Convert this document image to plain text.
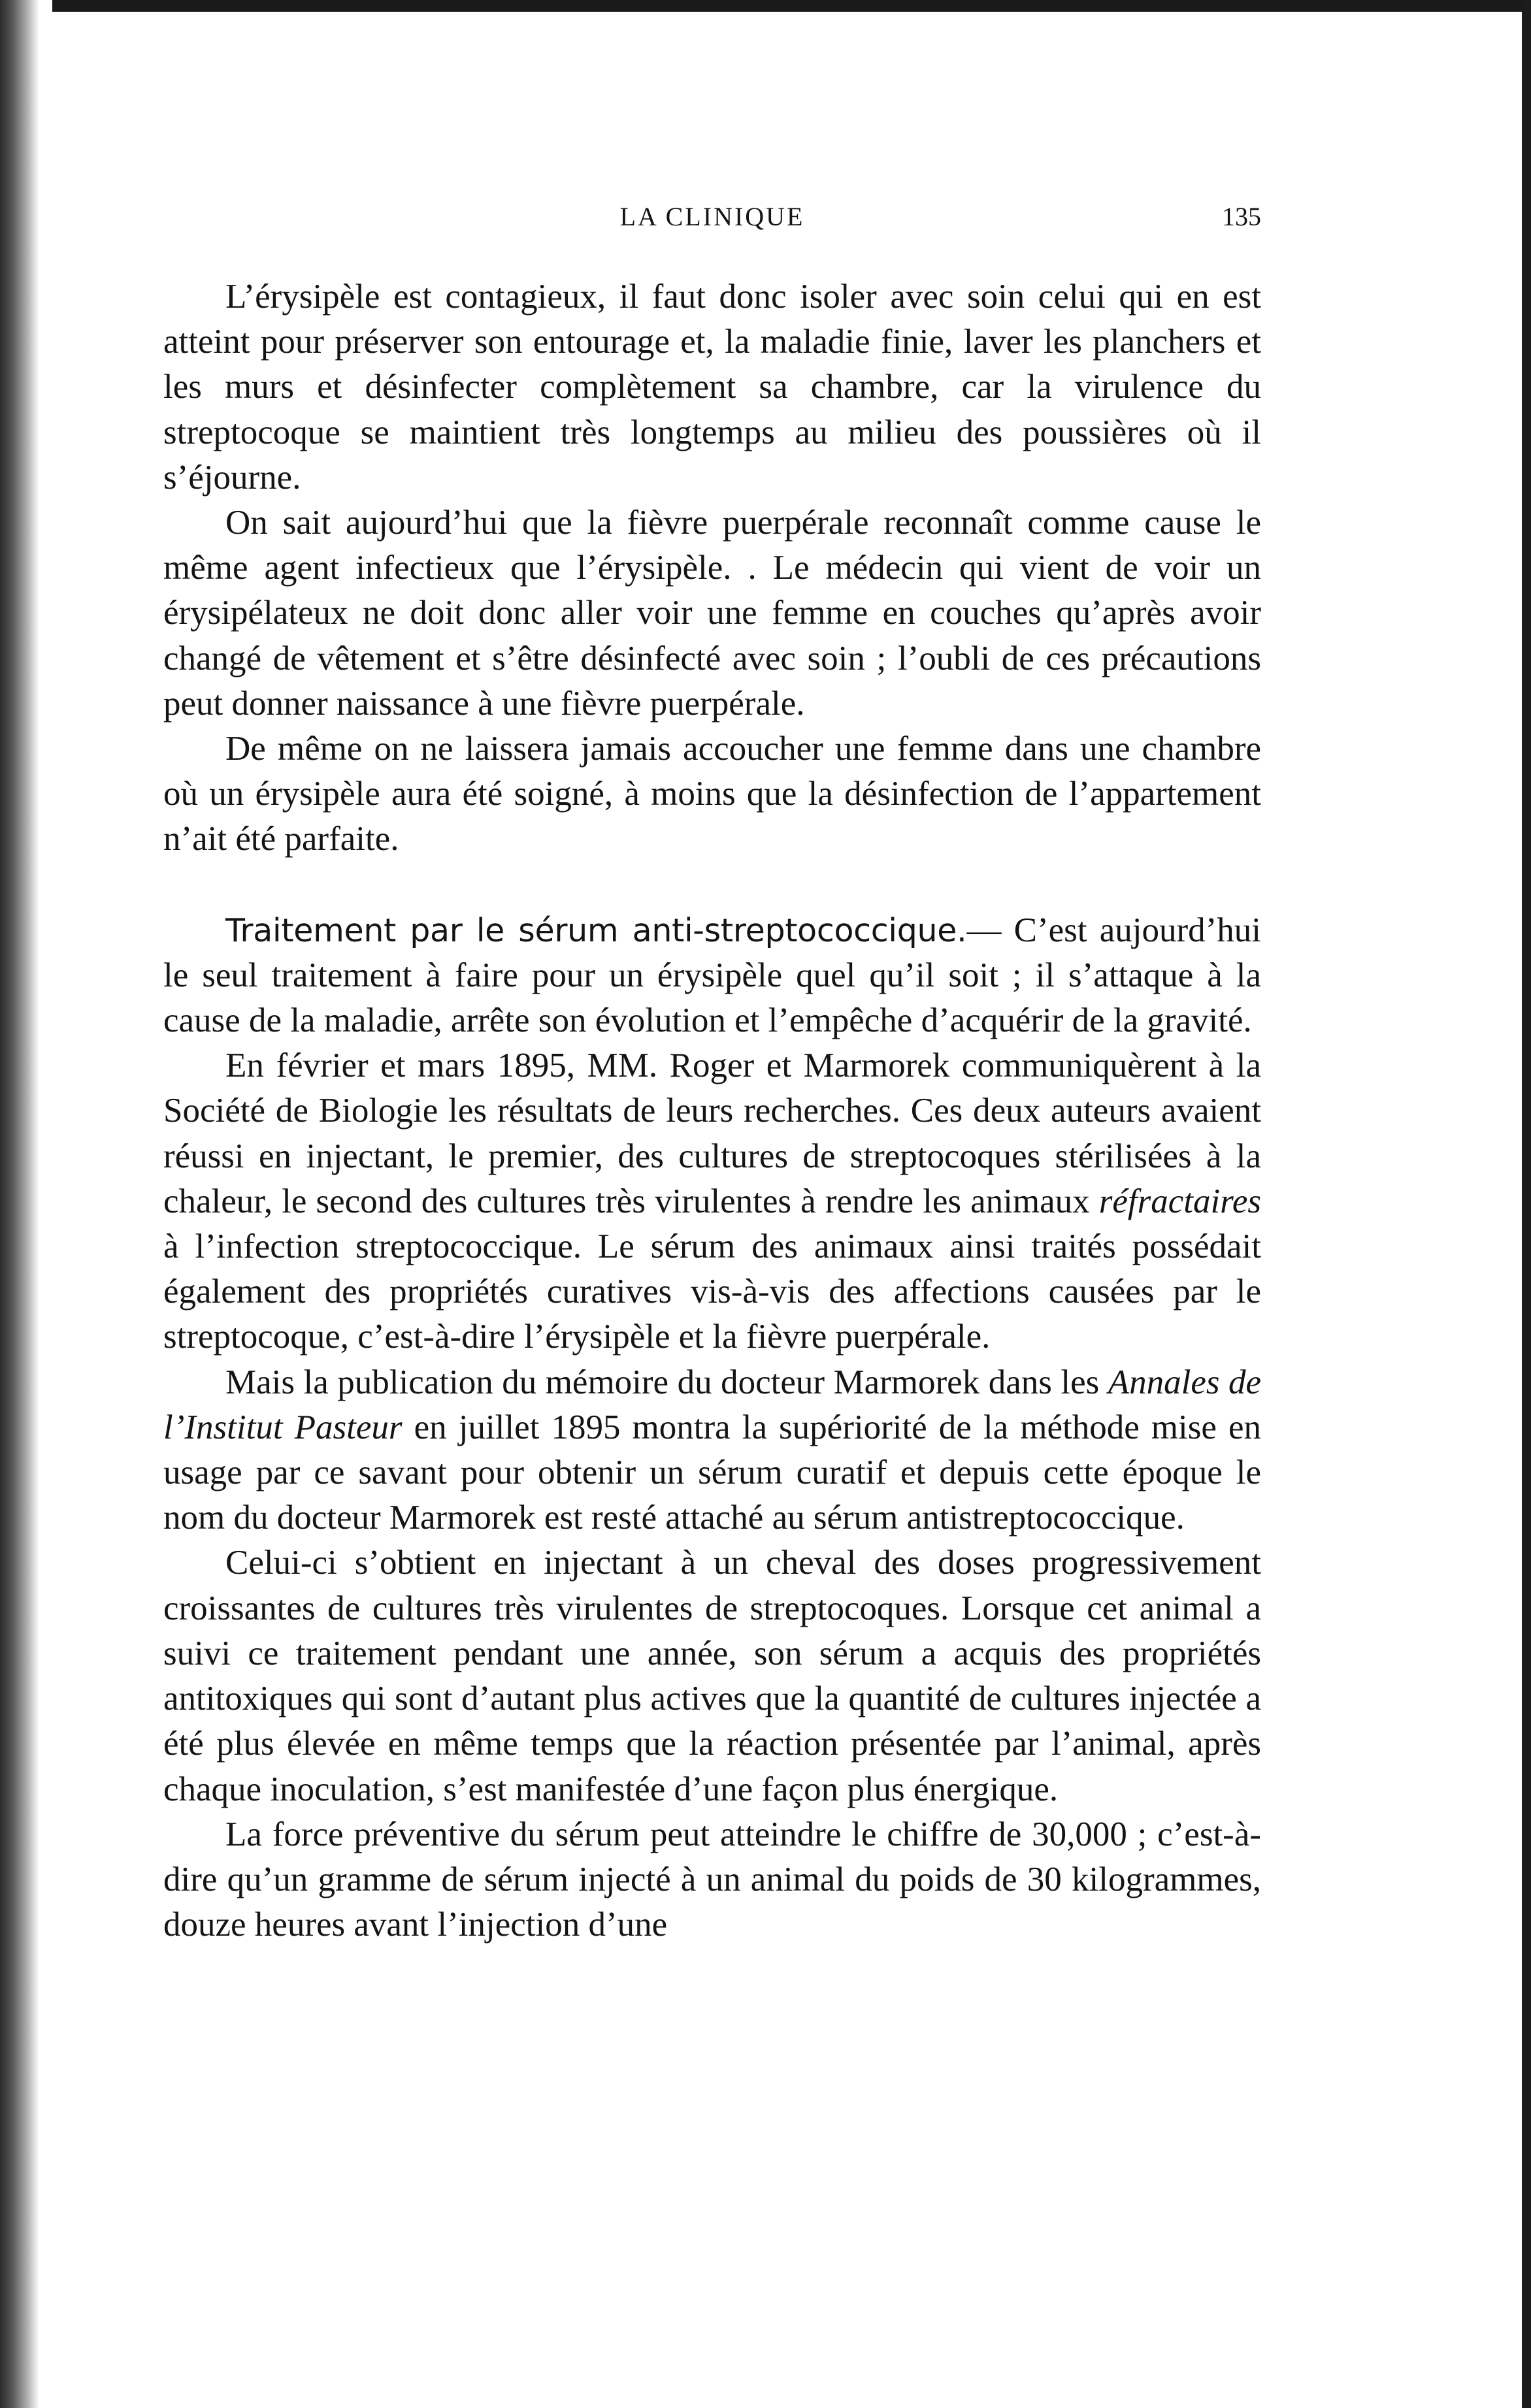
LA CLINIQUE	135

L’érysipèle est contagieux, il faut donc isoler avec soin celui qui en est atteint pour préserver son entourage et, la maladie finie, laver les planchers et les murs et désinfecter complètement sa chambre, car la virulence du streptocoque se maintient très longtemps au milieu des poussières où il s’éjourne.

On sait aujourd’hui que la fièvre puerpérale reconnaît comme cause le même agent infectieux que l’érysipèle. . Le médecin qui vient de voir un érysipélateux ne doit donc aller voir une femme en couches qu’après avoir changé de vêtement et s’être désinfecté avec soin ; l’oubli de ces précautions peut donner naissance à une fièvre puerpérale.

De même on ne laissera jamais accoucher une femme dans une chambre où un érysipèle aura été soigné, à moins que la désinfection de l’appartement n’ait été parfaite.

Traitement par le sérum anti-streptococcique.— C’est aujourd’hui le seul traitement à faire pour un érysipèle quel qu’il soit ; il s’attaque à la cause de la maladie, arrête son évolution et l’empêche d’acquérir de la gravité.

En février et mars 1895, MM. Roger et Marmorek communiquèrent à la Société de Biologie les résultats de leurs recherches. Ces deux auteurs avaient réussi en injectant, le premier, des cultures de streptocoques stérilisées à la chaleur, le second des cultures très virulentes à rendre les animaux réfractaires à l’infection streptococcique. Le sérum des animaux ainsi traités possédait également des propriétés curatives vis-à-vis des affections causées par le streptocoque, c’est-à-dire l’érysipèle et la fièvre puerpérale.

Mais la publication du mémoire du docteur Marmorek dans les Annales de l’Institut Pasteur en juillet 1895 montra la supériorité de la méthode mise en usage par ce savant pour obtenir un sérum curatif et depuis cette époque le nom du docteur Marmorek est resté attaché au sérum antistreptococcique.

Celui-ci s’obtient en injectant à un cheval des doses progressivement croissantes de cultures très virulentes de streptocoques. Lorsque cet animal a suivi ce traitement pendant une année, son sérum a acquis des propriétés antitoxiques qui sont d’autant plus actives que la quantité de cultures injectée a été plus élevée en même temps que la réaction présentée par l’animal, après chaque inoculation, s’est manifestée d’une façon plus énergique.

La force préventive du sérum peut atteindre le chiffre de 30,000 ; c’est-à-dire qu’un gramme de sérum injecté à un animal du poids de 30 kilogrammes, douze heures avant l’injection d’une
